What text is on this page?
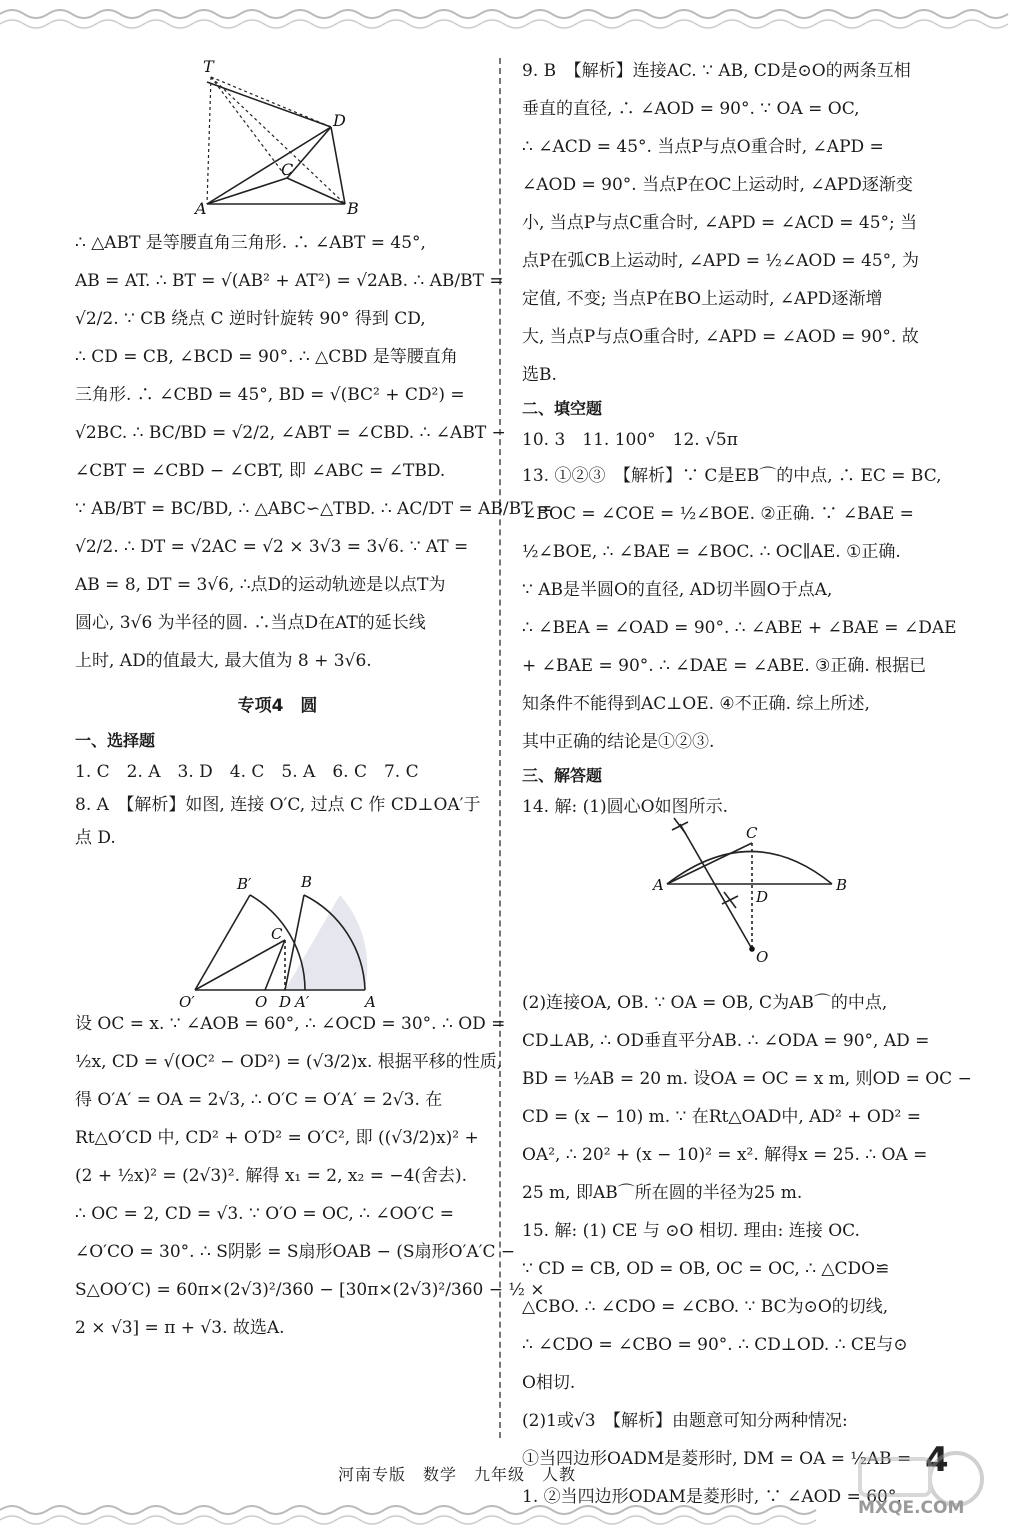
T
D
C
A	B
∴ △ABT 是等腰直角三角形. ∴ ∠ABT = 45°,
AB = AT. ∴ BT = √(AB² + AT²) = √2AB. ∴ AB/BT =
√2/2. ∵ CB 绕点 C 逆时针旋转 90° 得到 CD,
∴ CD = CB, ∠BCD = 90°. ∴ △CBD 是等腰直角
三角形. ∴ ∠CBD = 45°, BD = √(BC² + CD²) =
√2BC. ∴ BC/BD = √2/2, ∠ABT = ∠CBD. ∴ ∠ABT −
∠CBT = ∠CBD − ∠CBT, 即 ∠ABC = ∠TBD.
∵ AB/BT = BC/BD, ∴ △ABC∽△TBD. ∴ AC/DT = AB/BT =
√2/2. ∴ DT = √2AC = √2 × 3√3 = 3√6. ∵ AT =
AB = 8, DT = 3√6, ∴点D的运动轨迹是以点T为
圆心, 3√6 为半径的圆. ∴当点D在AT的延长线
上时, AD的值最大, 最大值为 8 + 3√6.
专项4　圆
一、选择题
1. C　2. A　3. D　4. C　5. A　6. C　7. C
8. A　【解析】如图, 连接 O′C, 过点 C 作 CD⊥OA′于
点 D.
B′	B
C
O′	O D A′	A
设 OC = x. ∵ ∠AOB = 60°, ∴ ∠OCD = 30°. ∴ OD =
½x, CD = √(OC² − OD²) = (√3/2)x. 根据平移的性质,
得 O′A′ = OA = 2√3, ∴ O′C = O′A′ = 2√3. 在
Rt△O′CD 中, CD² + O′D² = O′C², 即 ((√3/2)x)² +
(2 + ½x)² = (2√3)². 解得 x₁ = 2, x₂ = −4(舍去).
∴ OC = 2, CD = √3. ∵ O′O = OC, ∴ ∠OO′C =
∠O′CO = 30°. ∴ S阴影 = S扇形OAB − (S扇形O′A′C −
S△OO′C) = 60π×(2√3)²/360 − [30π×(2√3)²/360 − ½ ×
2 × √3] = π + √3. 故选A.
9. B　【解析】连接AC. ∵ AB, CD是⊙O的两条互相
垂直的直径, ∴ ∠AOD = 90°. ∵ OA = OC,
∴ ∠ACD = 45°. 当点P与点O重合时, ∠APD =
∠AOD = 90°. 当点P在OC上运动时, ∠APD逐渐变
小, 当点P与点C重合时, ∠APD = ∠ACD = 45°; 当
点P在弧CB上运动时, ∠APD = ½∠AOD = 45°, 为
定值, 不变; 当点P在BO上运动时, ∠APD逐渐增
大, 当点P与点O重合时, ∠APD = ∠AOD = 90°. 故
选B.
二、填空题
10. 3　11. 100°　12. √5π
13. ①②③　【解析】∵ C是EB⌒的中点, ∴ EC = BC,
∠BOC = ∠COE = ½∠BOE. ②正确. ∵ ∠BAE =
½∠BOE, ∴ ∠BAE = ∠BOC. ∴ OC∥AE. ①正确.
∵ AB是半圆O的直径, AD切半圆O于点A,
∴ ∠BEA = ∠OAD = 90°. ∴ ∠ABE + ∠BAE = ∠DAE
+ ∠BAE = 90°. ∴ ∠DAE = ∠ABE. ③正确. 根据已
知条件不能得到AC⊥OE. ④不正确. 综上所述,
其中正确的结论是①②③.
三、解答题
14. 解: (1)圆心O如图所示.
C
A
D
B
O
(2)连接OA, OB. ∵ OA = OB, C为AB⌒的中点,
CD⊥AB, ∴ OD垂直平分AB. ∴ ∠ODA = 90°, AD =
BD = ½AB = 20 m. 设OA = OC = x m, 则OD = OC −
CD = (x − 10) m. ∵ 在Rt△OAD中, AD² + OD² =
OA², ∴ 20² + (x − 10)² = x². 解得x = 25. ∴ OA =
25 m, 即AB⌒所在圆的半径为25 m.
15. 解: (1) CE 与 ⊙O 相切. 理由: 连接 OC.
∵ CD = CB, OD = OB, OC = OC, ∴ △CDO≌
△CBO. ∴ ∠CDO = ∠CBO. ∵ BC为⊙O的切线,
∴ ∠CDO = ∠CBO = 90°. ∴ CD⊥OD. ∴ CE与⊙
O相切.
(2)1或√3　【解析】由题意可知分两种情况:
①当四边形OADM是菱形时, DM = OA = ½AB =
1. ②当四边形ODAM是菱形时, ∵ ∠AOD = 60°,
河南专版　数学　九年级　人教	4
MXQE.COM
